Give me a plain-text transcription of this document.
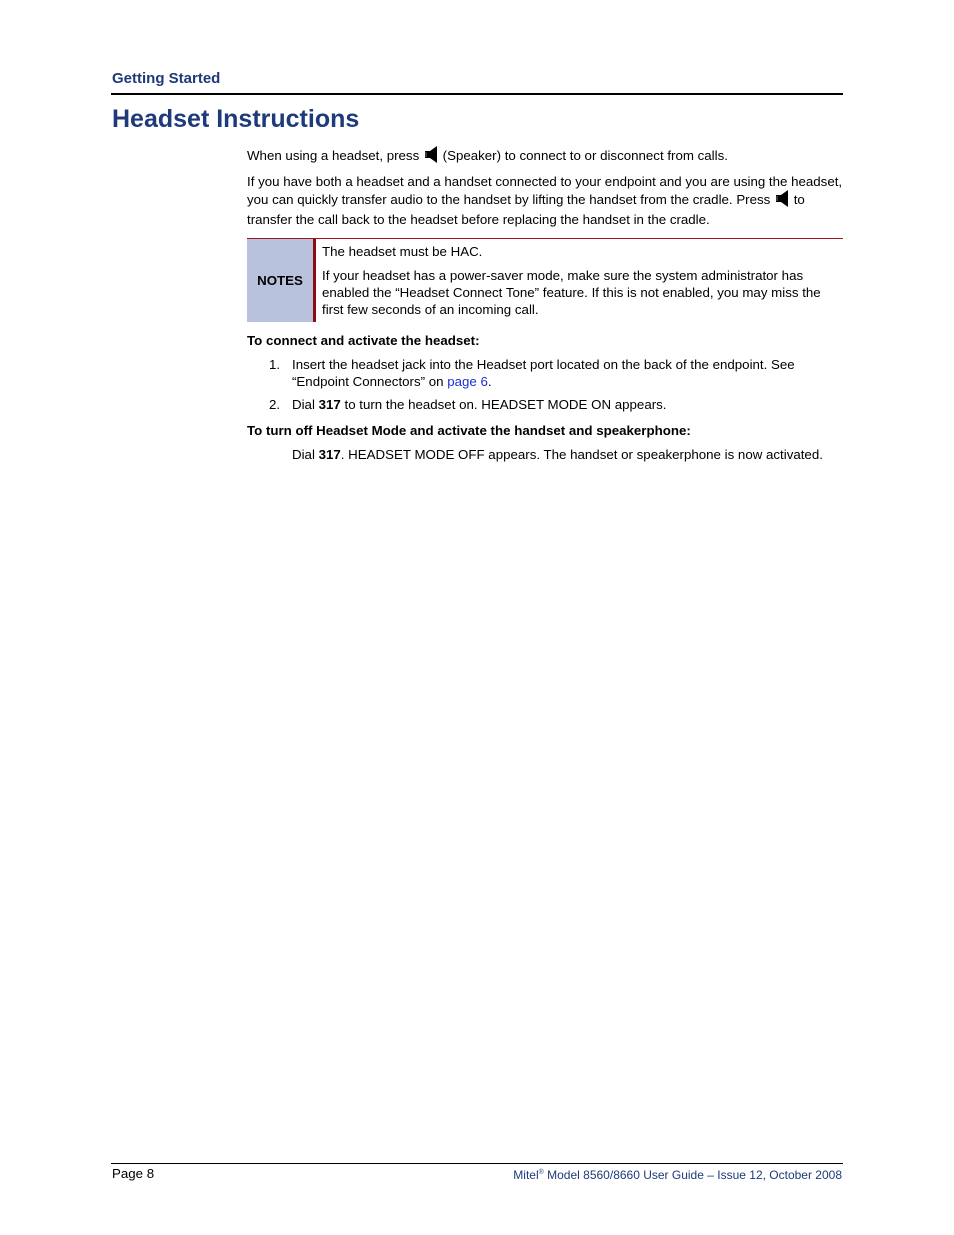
Getting Started
Headset Instructions

When using a headset, press (Speaker) to connect to or disconnect from calls.

If you have both a headset and a handset connected to your endpoint and you are using the headset, you can quickly transfer audio to the handset by lifting the handset from the cradle. Press to transfer the call back to the headset before replacing the handset in the cradle.

NOTES

The headset must be HAC.

If your headset has a power-saver mode, make sure the system administrator has enabled the “Headset Connect Tone” feature. If this is not enabled, you may miss the first few seconds of an incoming call.

To connect and activate the headset:

1. Insert the headset jack into the Headset port located on the back of the endpoint. See “Endpoint Connectors” on page 6.
2. Dial 317 to turn the headset on. HEADSET MODE ON appears.

To turn off Headset Mode and activate the handset and speakerphone:

Dial 317. HEADSET MODE OFF appears. The handset or speakerphone is now activated.
Page 8	Mitel® Model 8560/8660 User Guide – Issue 12, October 2008
